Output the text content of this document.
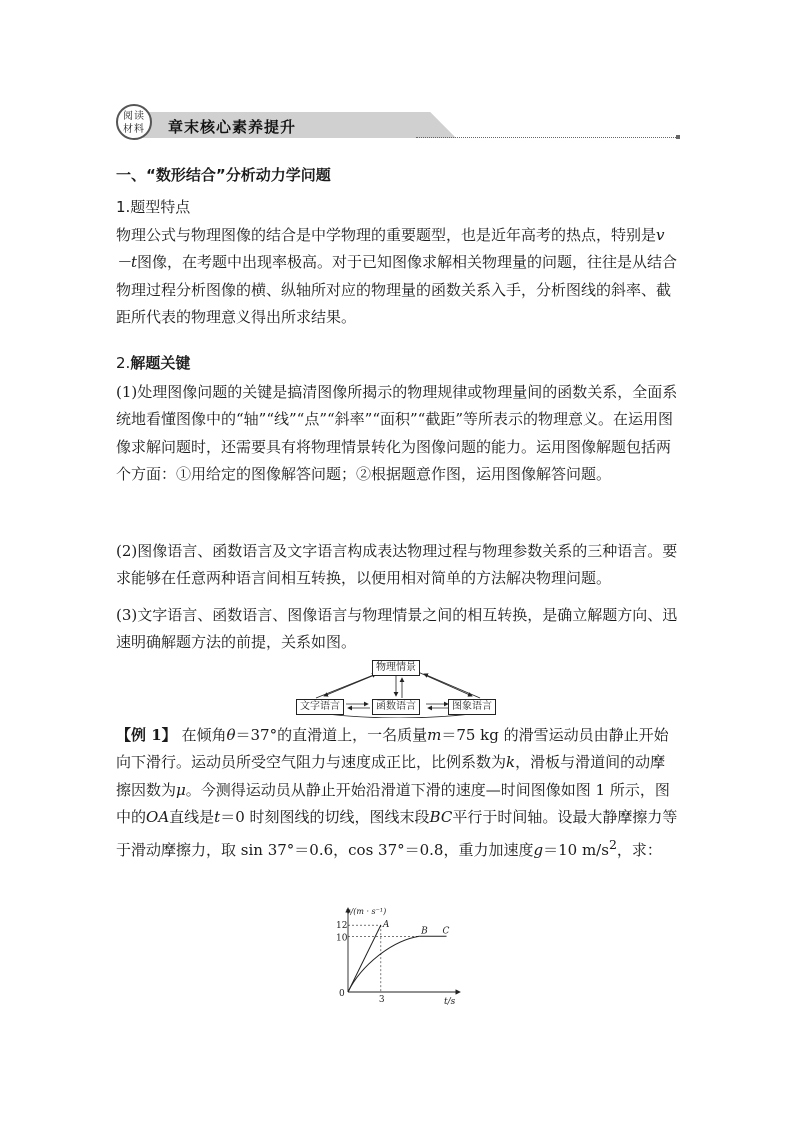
阅读
材料	章末核心素养提升
一、“数形结合”分析动力学问题
1.题型特点

物理公式与物理图像的结合是中学物理的重要题型，也是近年高考的热点，特别是v－t图像，在考题中出现率极高。对于已知图像求解相关物理量的问题，往往是从结合物理过程分析图像的横、纵轴所对应的物理量的函数关系入手，分析图线的斜率、截距所代表的物理意义得出所求结果。

2.解题关键
(1)处理图像问题的关键是搞清图像所揭示的物理规律或物理量间的函数关系，全面系统地看懂图像中的“轴”“线”“点”“斜率”“面积”“截距”等所表示的物理意义。在运用图像求解问题时，还需要具有将物理情景转化为图像问题的能力。运用图像解题包括两个方面：①用给定的图像解答问题；②根据题意作图，运用图像解答问题。
(2)图像语言、函数语言及文字语言构成表达物理过程与物理参数关系的三种语言。要求能够在任意两种语言间相互转换，以便用相对简单的方法解决物理问题。
(3)文字语言、函数语言、图像语言与物理情景之间的相互转换，是确立解题方向、迅速明确解题方法的前提，关系如图。
物理情景
文字语言	函数语言	图象语言

【例 1】 在倾角θ＝37°的直滑道上，一名质量m＝75 kg 的滑雪运动员由静止开始向下滑行。运动员所受空气阻力与速度成正比，比例系数为k，滑板与滑道间的动摩擦因数为μ。今测得运动员从静止开始沿滑道下滑的速度—时间图像如图 1 所示，图中的OA直线是t＝0 时刻图线的切线，图线末段BC平行于时间轴。设最大静摩擦力等于滑动摩擦力，取 sin 37°＝0.6，cos 37°＝0.8，重力加速度g＝10 $m/s^2$，求：

12
10
3
0
v/(m · s⁻¹)
t/s
A
B C
